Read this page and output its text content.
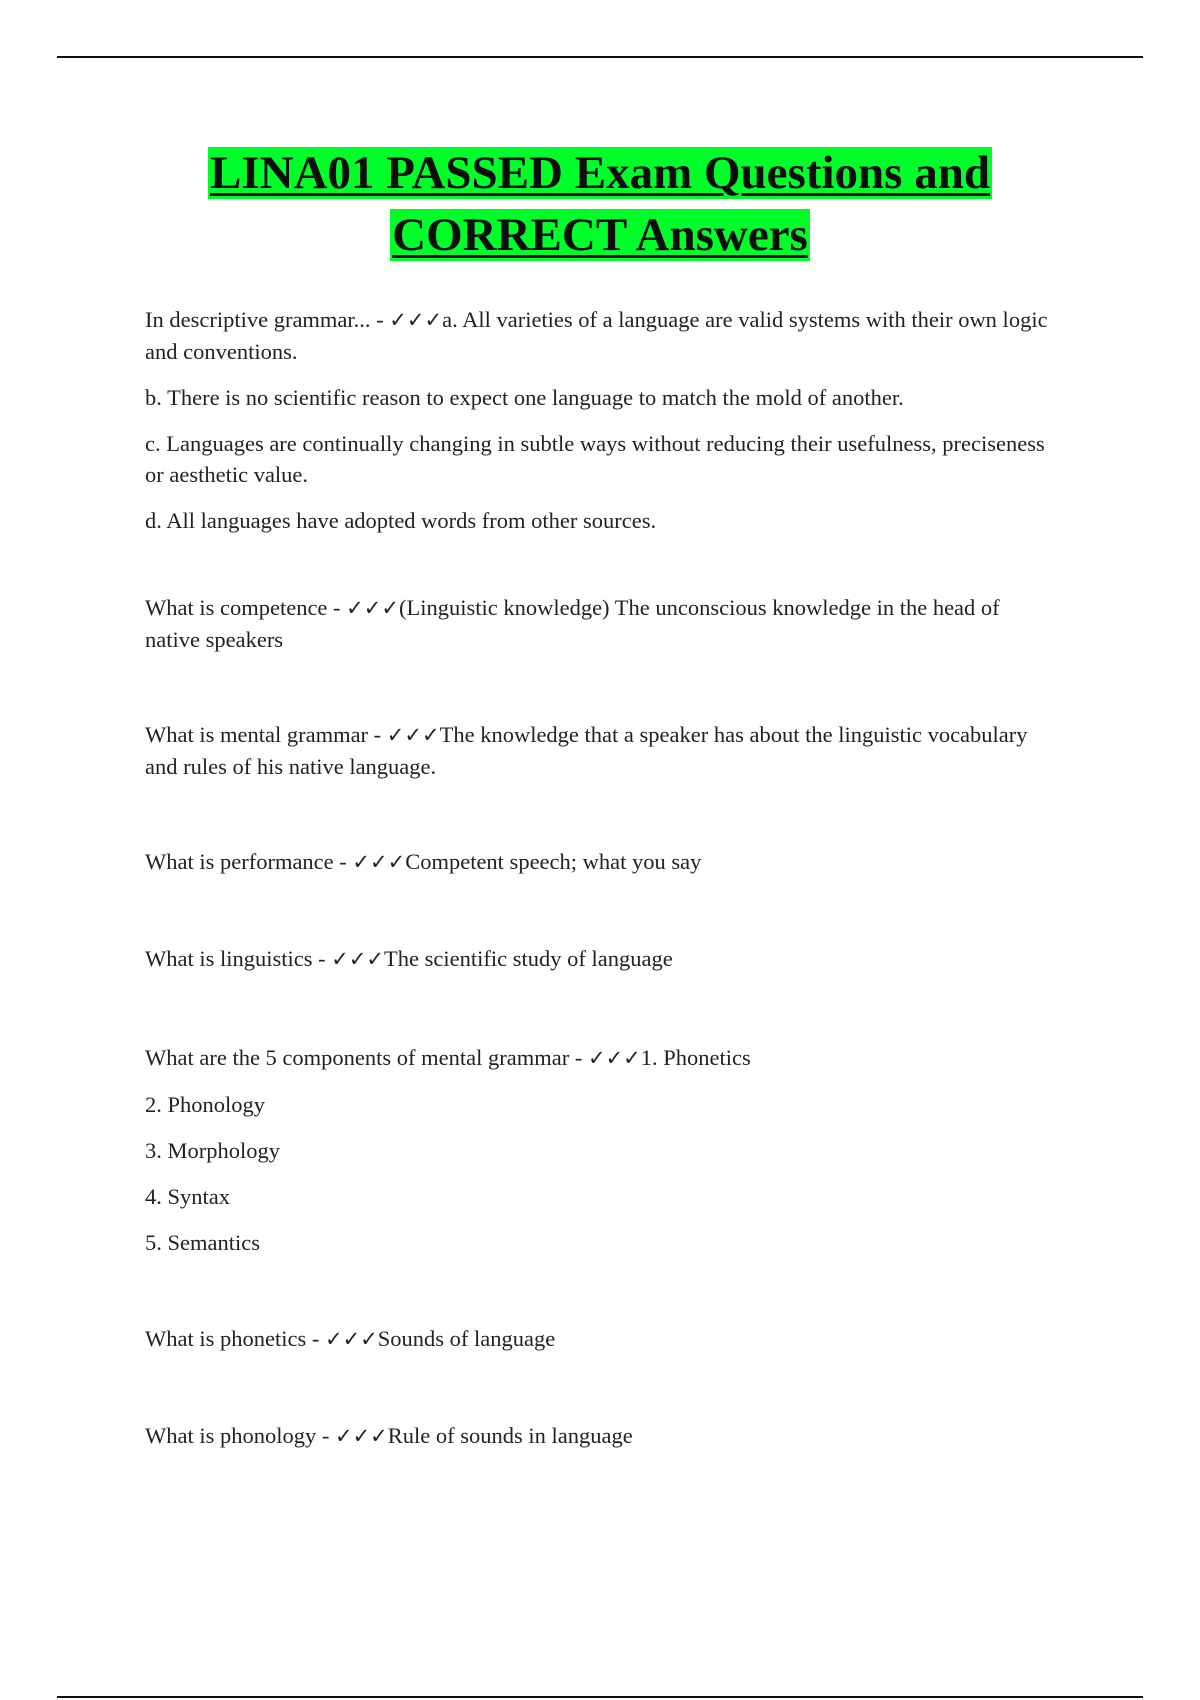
LINA01 PASSED Exam Questions and
CORRECT Answers

In descriptive grammar... - ✓✓✓a. All varieties of a language are valid systems with their own logic and conventions.

b. There is no scientific reason to expect one language to match the mold of another.

c. Languages are continually changing in subtle ways without reducing their usefulness, preciseness or aesthetic value.

d. All languages have adopted words from other sources.

What is competence - ✓✓✓(Linguistic knowledge) The unconscious knowledge in the head of native speakers

What is mental grammar - ✓✓✓The knowledge that a speaker has about the linguistic vocabulary and rules of his native language.

What is performance - ✓✓✓Competent speech; what you say

What is linguistics - ✓✓✓The scientific study of language

What are the 5 components of mental grammar - ✓✓✓1. Phonetics

2. Phonology

3. Morphology

4. Syntax

5. Semantics

What is phonetics - ✓✓✓Sounds of language

What is phonology - ✓✓✓Rule of sounds in language
